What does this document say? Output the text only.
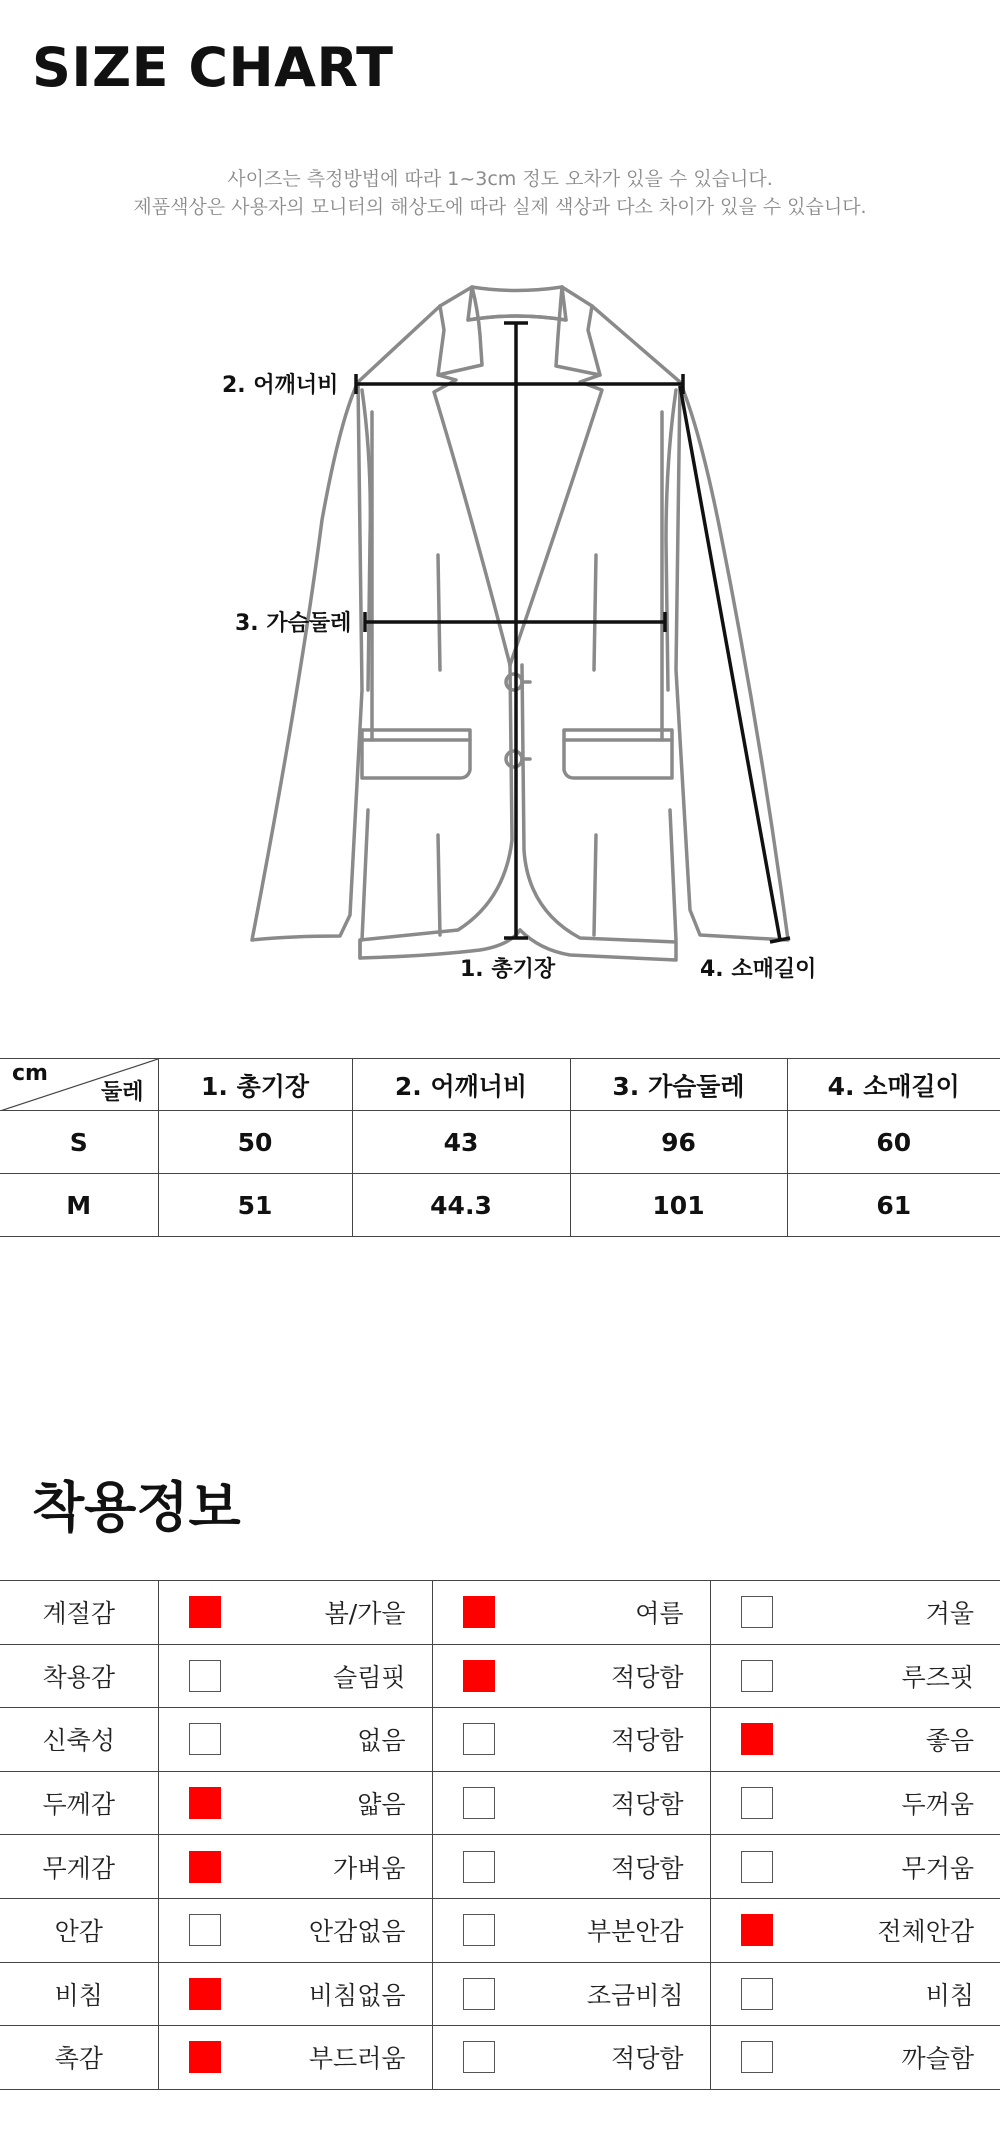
SIZE CHART
사이즈는 측정방법에 따라 1~3cm 정도 오차가 있을 수 있습니다.
제품색상은 사용자의 모니터의 해상도에 따라 실제 색상과 다소 차이가 있을 수 있습니다.
2. 어깨너비
3. 가슴둘레
1. 총기장	4. 소매길이
cm
둘레	1. 총기장	2. 어깨너비	3. 가슴둘레	4. 소매길이
S	50	43	96	60
M	51	44.3	101	61
착용정보
계절감	봄/가을	여름	겨울

착용감	슬림핏	적당함	루즈핏

신축성	없음	적당함	좋음

두께감	얇음	적당함	두꺼움

무게감	가벼움	적당함	무거움

안감	안감없음	부분안감	전체안감

비침	비침없음	조금비침	비침

촉감	부드러움	적당함	까슬함
